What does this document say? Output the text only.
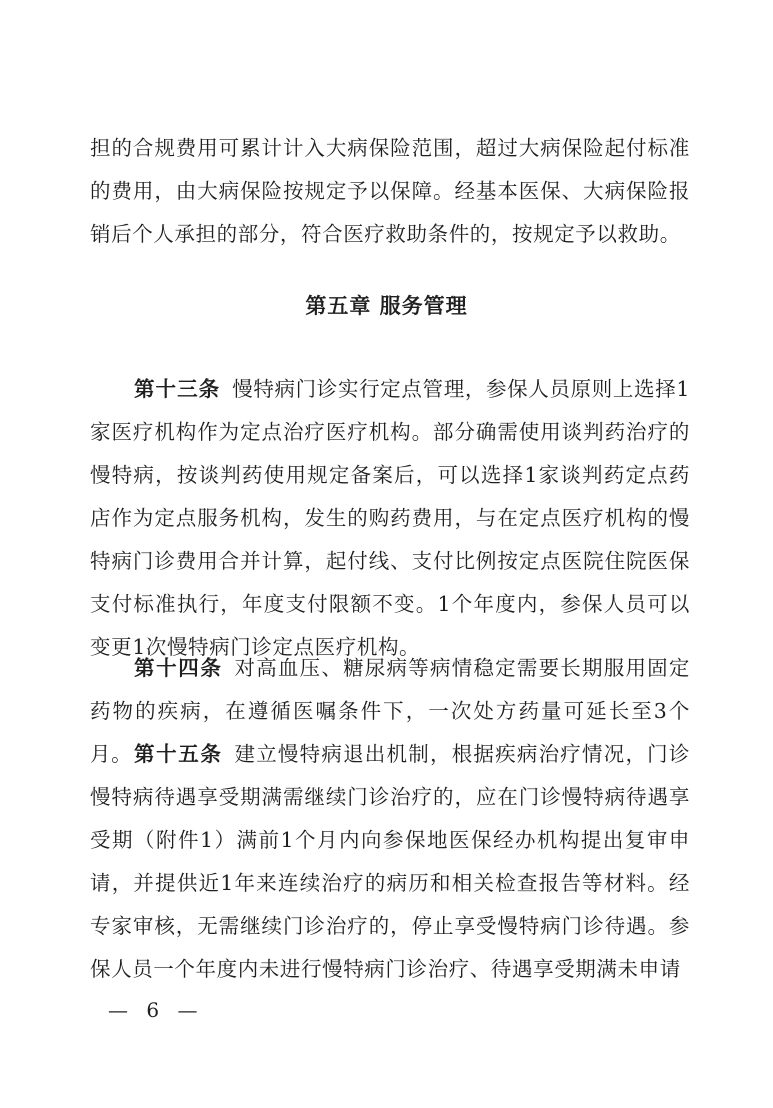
担的合规费用可累计计入大病保险范围，超过大病保险起付标准的费用，由大病保险按规定予以保障。经基本医保、大病保险报销后个人承担的部分，符合医疗救助条件的，按规定予以救助。

第五章 服务管理

第十三条 慢特病门诊实行定点管理，参保人员原则上选择1家医疗机构作为定点治疗医疗机构。部分确需使用谈判药治疗的慢特病，按谈判药使用规定备案后，可以选择1家谈判药定点药店作为定点服务机构，发生的购药费用，与在定点医疗机构的慢特病门诊费用合并计算，起付线、支付比例按定点医院住院医保支付标准执行，年度支付限额不变。1个年度内，参保人员可以变更1次慢特病门诊定点医疗机构。

第十四条 对高血压、糖尿病等病情稳定需要长期服用固定药物的疾病，在遵循医嘱条件下，一次处方药量可延长至3个月。 第十五条 建立慢特病退出机制，根据疾病治疗情况，门诊慢特病待遇享受期满需继续门诊治疗的，应在门诊慢特病待遇享受期（附件1）满前1个月内向参保地医保经办机构提出复审申请，并提供近1年来连续治疗的病历和相关检查报告等材料。经专家审核，无需继续门诊治疗的，停止享受慢特病门诊待遇。参保人员一个年度内未进行慢特病门诊治疗、待遇享受期满未申请

— 6 —
